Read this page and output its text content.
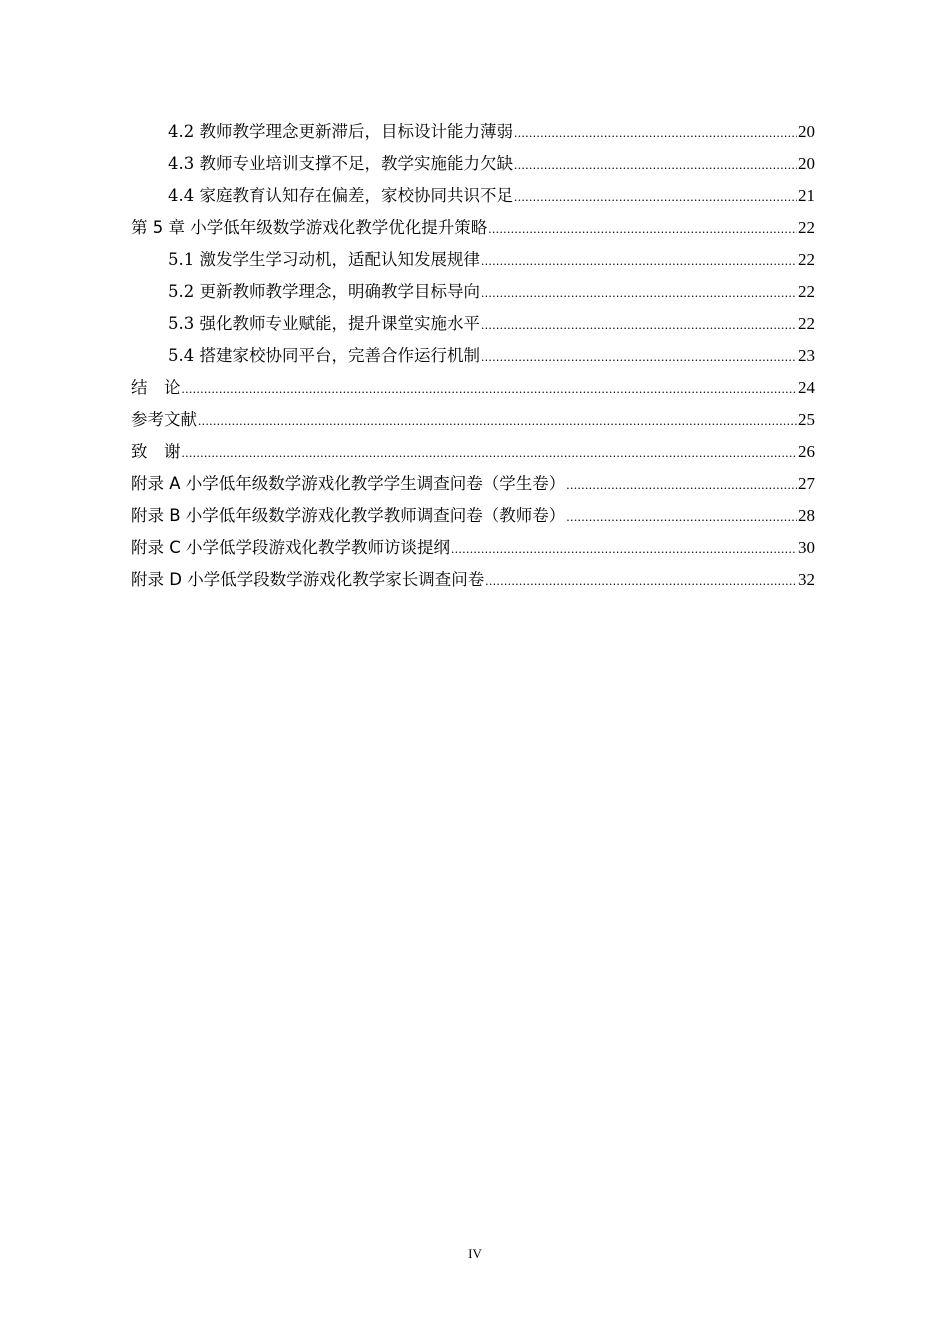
4.2 教师教学理念更新滞后，目标设计能力薄弱 .....	20
4.3 教师专业培训支撑不足，教学实施能力欠缺 .....	20
4.4 家庭教育认知存在偏差，家校协同共识不足 .....	21
第 5 章 小学低年级数学游戏化教学优化提升策略 .....	22
5.1 激发学生学习动机，适配认知发展规律 .....	22
5.2 更新教师教学理念，明确教学目标导向 .....	22
5.3 强化教师专业赋能，提升课堂实施水平 .....	22
5.4 搭建家校协同平台，完善合作运行机制 .....	23
结　论 .....	24
参考文献 .....	25
致　谢 .....	26
附录 A 小学低年级数学游戏化教学学生调查问卷（学生卷） .....	27
附录 B 小学低年级数学游戏化教学教师调查问卷（教师卷） .....	28
附录 C 小学低学段游戏化教学教师访谈提纲 .....	30
附录 D 小学低学段数学游戏化教学家长调查问卷 .....	32
IV
